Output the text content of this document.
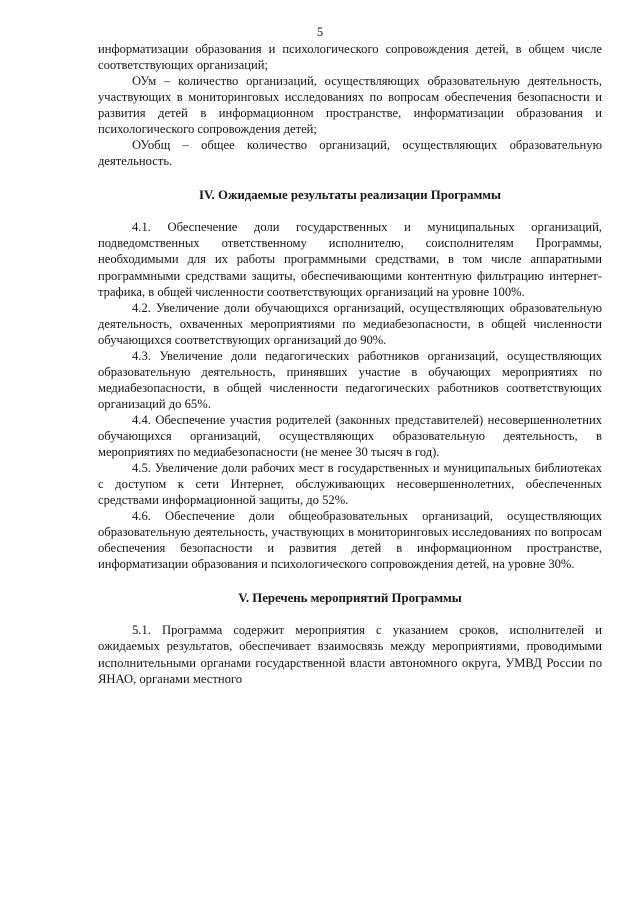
5

информатизации образования и психологического сопровождения детей, в общем числе соответствующих организаций;

ОУм – количество организаций, осуществляющих образовательную деятельность, участвующих в мониторинговых исследованиях по вопросам обеспечения безопасности и развития детей в информационном пространстве, информатизации образования и психологического сопровождения детей;

ОУобщ – общее количество организаций, осуществляющих образовательную деятельность.

IV. Ожидаемые результаты реализации Программы

4.1. Обеспечение доли государственных и муниципальных организаций, подведомственных ответственному исполнителю, соисполнителям Программы, необходимыми для их работы программными средствами, в том числе аппаратными программными средствами защиты, обеспечивающими контентную фильтрацию интернет-трафика, в общей численности соответствующих организаций на уровне 100%.

4.2. Увеличение доли обучающихся организаций, осуществляющих образовательную деятельность, охваченных мероприятиями по медиабезопасности, в общей численности обучающихся соответствующих организаций до 90%.

4.3. Увеличение доли педагогических работников организаций, осуществляющих образовательную деятельность, принявших участие в обучающих мероприятиях по медиабезопасности, в общей численности педагогических работников соответствующих организаций до 65%.

4.4. Обеспечение участия родителей (законных представителей) несовершеннолетних обучающихся организаций, осуществляющих образовательную деятельность, в мероприятиях по медиабезопасности (не менее 30 тысяч в год).

4.5. Увеличение доли рабочих мест в государственных и муниципальных библиотеках с доступом к сети Интернет, обслуживающих несовершеннолетних, обеспеченных средствами информационной защиты, до 52%.

4.6. Обеспечение доли общеобразовательных организаций, осуществляющих образовательную деятельность, участвующих в мониторинговых исследованиях по вопросам обеспечения безопасности и развития детей в информационном пространстве, информатизации образования и психологического сопровождения детей, на уровне 30%.

V. Перечень мероприятий Программы

5.1. Программа содержит мероприятия с указанием сроков, исполнителей и ожидаемых результатов, обеспечивает взаимосвязь между мероприятиями, проводимыми исполнительными органами государственной власти автономного округа, УМВД России по ЯНАО, органами местного
